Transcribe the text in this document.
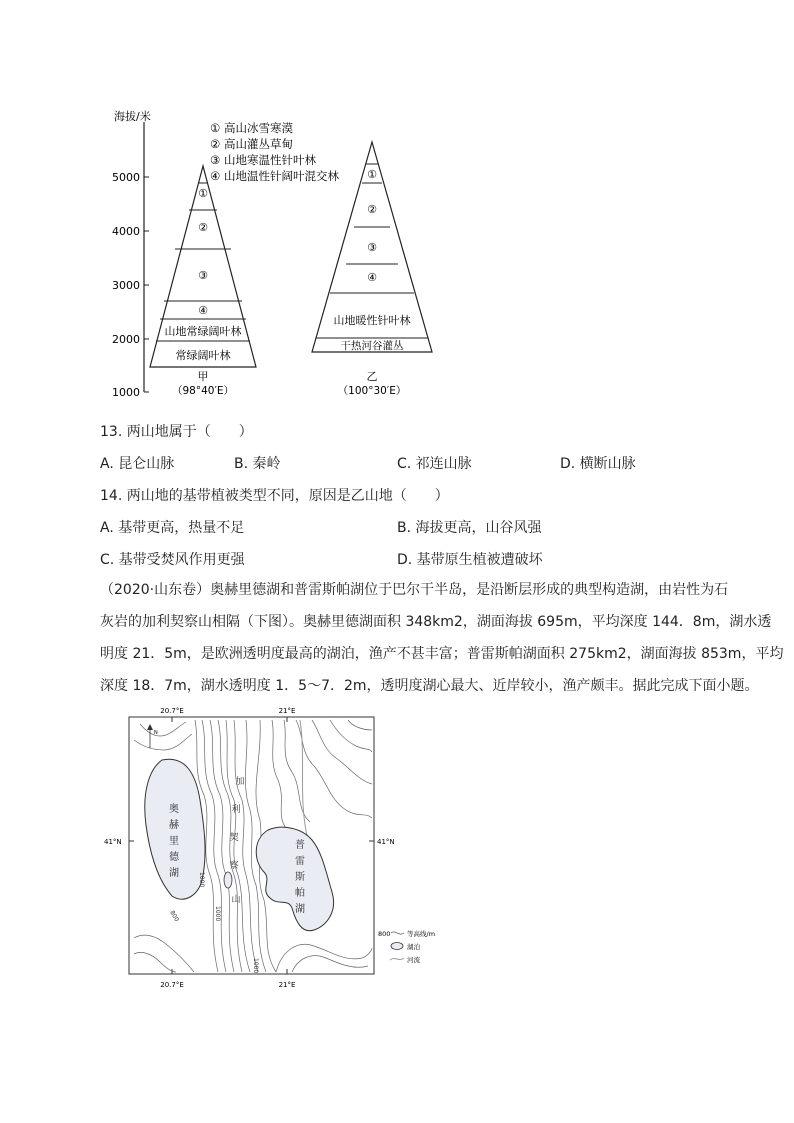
海拔/米
5000
4000
3000
2000
1000
①
②
③
④
山地常绿阔叶林
常绿阔叶林
甲
（98°40′E）
①
②
③
④
山地暖性针叶林
干热河谷灌丛
乙
（100°30′E）
① 高山冰雪寒漠
② 高山灌丛草甸
③ 山地寒温性针叶林
④ 山地温性针阔叶混交林
13. 两山地属于（　　）
A. 昆仑山脉	B. 秦岭	C. 祁连山脉	D. 横断山脉
14. 两山地的基带植被类型不同，原因是乙山地（　　）
A. 基带更高，热量不足	B. 海拔更高，山谷风强
C. 基带受焚风作用更强	D. 基带原生植被遭破坏
（2020·山东卷）奥赫里德湖和普雷斯帕湖位于巴尔干半岛，是沿断层形成的典型构造湖，由岩性为石
灰岩的加利契察山相隔（下图）。奥赫里德湖面积 348km2，湖面海拔 695m，平均深度 144．8m，湖水透
明度 21．5m，是欧洲透明度最高的湖泊，渔产不甚丰富；普雷斯帕湖面积 275km2，湖面海拔 853m，平均
深度 18．7m，湖水透明度 1．5～7．2m，透明度湖心最大、近岸较小，渔产颇丰。据此完成下面小题。
20.7°E	21°E
41°N	41°N
20.7°E	21°E
奥
赫
里
德
湖
普
雷
斯
帕
湖
加
利
契
察
山
800
1000
1000
1000
N
800	等高线/m
湖泊
河流
